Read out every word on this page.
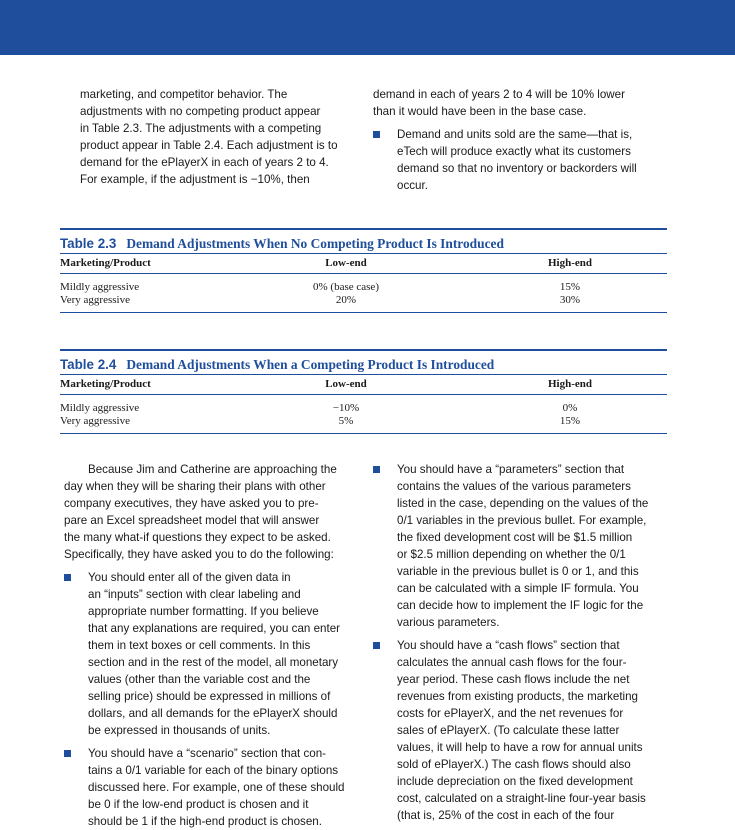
marketing, and competitor behavior. The

adjustments with no competing product appear

in Table 2.3. The adjustments with a competing

product appear in Table 2.4. Each adjustment is to

demand for the ePlayerX in each of years 2 to 4.

For example, if the adjustment is −10%, then

demand in each of years 2 to 4 will be 10% lower

than it would have been in the base case.

Demand and units sold are the same—that is,

eTech will produce exactly what its customers

demand so that no inventory or backorders will

occur.

Table 2.3 Demand Adjustments When No Competing Product Is Introduced
Marketing/Product	Low-end	High-end
Mildly aggressive	0% (base case)	15%
Very aggressive	20%	30%
Table 2.4 Demand Adjustments When a Competing Product Is Introduced
Marketing/Product	Low-end	High-end
Mildly aggressive	−10%	0%
Very aggressive	5%	15%

Because Jim and Catherine are approaching the

day when they will be sharing their plans with other

company executives, they have asked you to pre-

pare an Excel spreadsheet model that will answer

the many what-if questions they expect to be asked.

Specifically, they have asked you to do the following:

You should enter all of the given data in

an “inputs” section with clear labeling and

appropriate number formatting. If you believe

that any explanations are required, you can enter

them in text boxes or cell comments. In this

section and in the rest of the model, all monetary

values (other than the variable cost and the

selling price) should be expressed in millions of

dollars, and all demands for the ePlayerX should

be expressed in thousands of units.

You should have a “scenario” section that con-

tains a 0/1 variable for each of the binary options

discussed here. For example, one of these should

be 0 if the low-end product is chosen and it

should be 1 if the high-end product is chosen.

You should have a “parameters” section that

contains the values of the various parameters

listed in the case, depending on the values of the

0/1 variables in the previous bullet. For example,

the fixed development cost will be $1.5 million

or $2.5 million depending on whether the 0/1

variable in the previous bullet is 0 or 1, and this

can be calculated with a simple IF formula. You

can decide how to implement the IF logic for the

various parameters.

You should have a “cash flows” section that

calculates the annual cash flows for the four-

year period. These cash flows include the net

revenues from existing products, the marketing

costs for ePlayerX, and the net revenues for

sales of ePlayerX. (To calculate these latter

values, it will help to have a row for annual units

sold of ePlayerX.) The cash flows should also

include depreciation on the fixed development

cost, calculated on a straight-line four-year basis

(that is, 25% of the cost in each of the four
